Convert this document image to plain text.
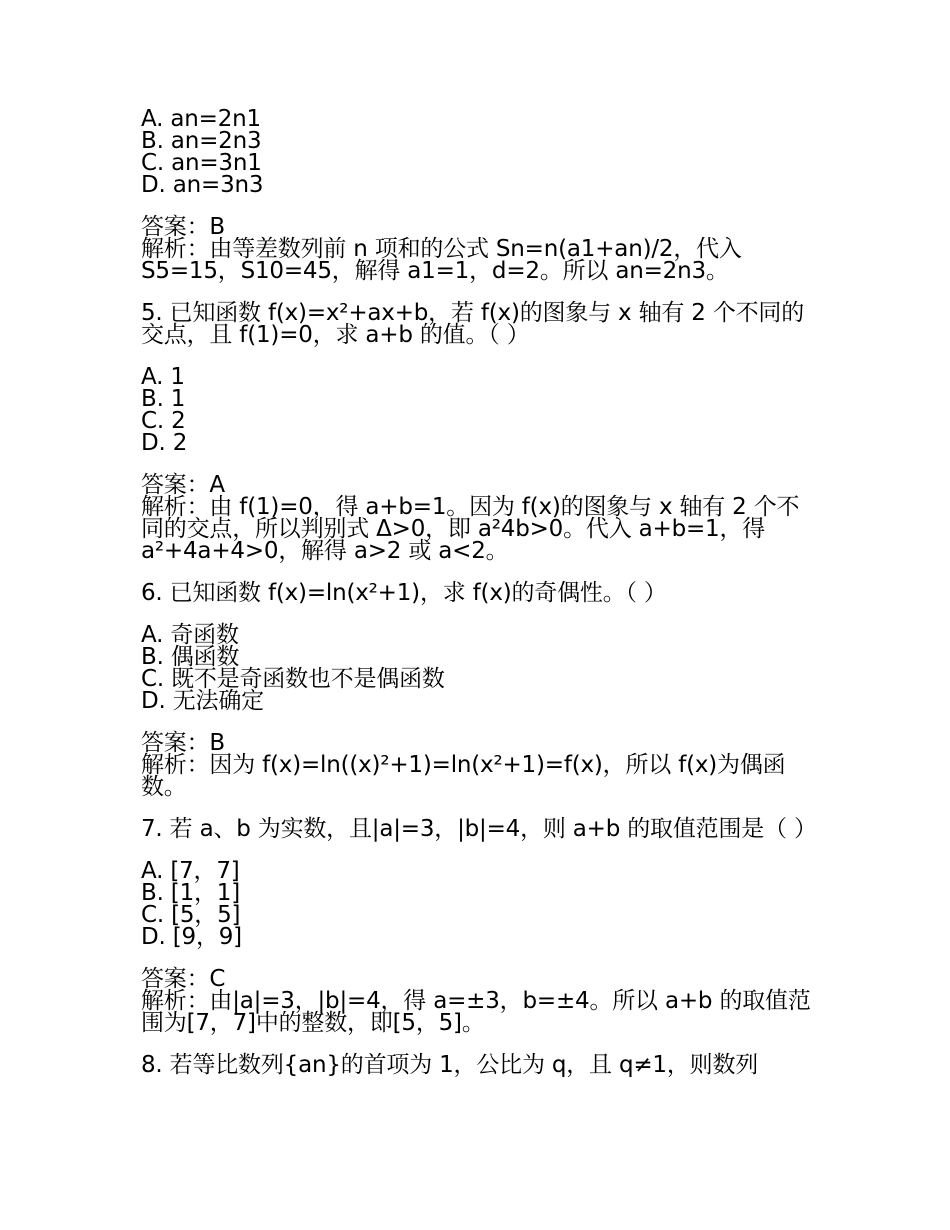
A. an=2n1
B. an=2n3
C. an=3n1
D. an=3n3
答案：B
解析：由等差数列前 n 项和的公式 Sn=n(a1+an)/2，代入 S5=15，S10=45，解得 a1=1，d=2。所以 an=2n3。
5. 已知函数 f(x)=x²+ax+b，若 f(x)的图象与 x 轴有 2 个不同的交点，且 f(1)=0，求 a+b 的值。（ ）
A. 1
B. 1
C. 2
D. 2
答案：A
解析：由 f(1)=0，得 a+b=1。因为 f(x)的图象与 x 轴有 2 个不同的交点，所以判别式 Δ>0，即 a²4b>0。代入 a+b=1，得 a²+4a+4>0，解得 a>2 或 a<2。
6. 已知函数 f(x)=ln(x²+1)，求 f(x)的奇偶性。（ ）
A. 奇函数
B. 偶函数
C. 既不是奇函数也不是偶函数
D. 无法确定
答案：B
解析：因为 f(x)=ln((x)²+1)=ln(x²+1)=f(x)，所以 f(x)为偶函数。
7. 若 a、b 为实数，且|a|=3，|b|=4，则 a+b 的取值范围是（ ）
A. [7，7]
B. [1，1]
C. [5，5]
D. [9，9]
答案：C
解析：由|a|=3，|b|=4，得 a=±3，b=±4。所以 a+b 的取值范围为[7，7]中的整数，即[5，5]。
8. 若等比数列{an}的首项为 1，公比为 q，且 q≠1，则数列
